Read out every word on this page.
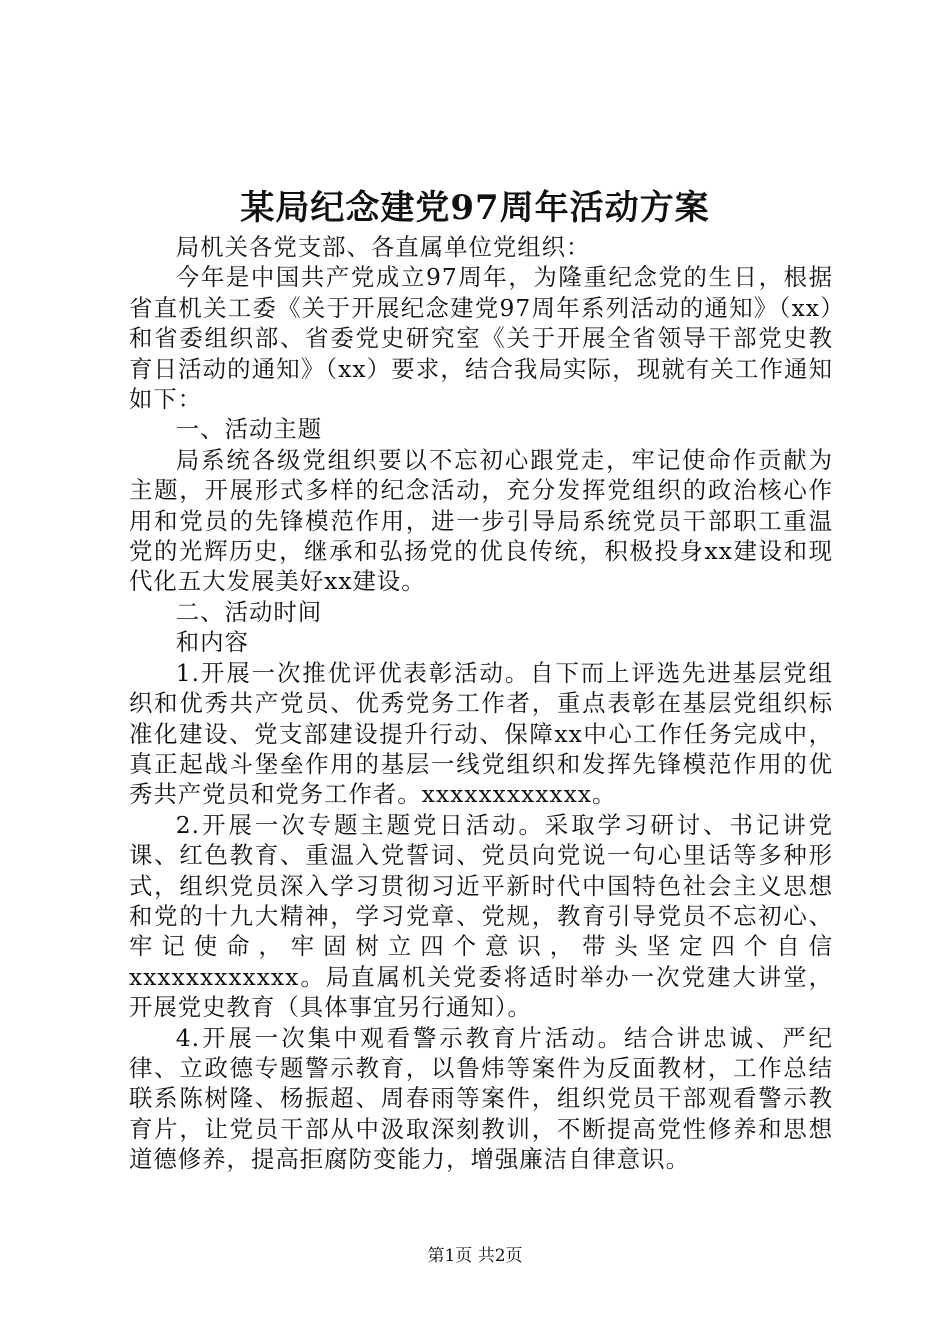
某局纪念建党97周年活动方案

局机关各党支部、各直属单位党组织：

今年是中国共产党成立97周年，为隆重纪念党的生日，根据省直机关工委《关于开展纪念建党97周年系列活动的通知》（xx）和省委组织部、省委党史研究室《关于开展全省领导干部党史教育日活动的通知》（xx）要求，结合我局实际，现就有关工作通知如下：

一、活动主题

局系统各级党组织要以不忘初心跟党走，牢记使命作贡献为主题，开展形式多样的纪念活动，充分发挥党组织的政治核心作用和党员的先锋模范作用，进一步引导局系统党员干部职工重温党的光辉历史，继承和弘扬党的优良传统，积极投身xx建设和现代化五大发展美好xx建设。

二、活动时间

和内容

1.开展一次推优评优表彰活动。自下而上评选先进基层党组织和优秀共产党员、优秀党务工作者，重点表彰在基层党组织标准化建设、党支部建设提升行动、保障xx中心工作任务完成中，真正起战斗堡垒作用的基层一线党组织和发挥先锋模范作用的优秀共产党员和党务工作者。xxxxxxxxxxxx。

2.开展一次专题主题党日活动。采取学习研讨、书记讲党课、红色教育、重温入党誓词、党员向党说一句心里话等多种形式，组织党员深入学习贯彻习近平新时代中国特色社会主义思想和党的十九大精神，学习党章、党规，教育引导党员不忘初心、牢记使命，牢固树立四个意识，带头坚定四个自信xxxxxxxxxxxx。局直属机关党委将适时举办一次党建大讲堂，开展党史教育（具体事宜另行通知）。

4.开展一次集中观看警示教育片活动。结合讲忠诚、严纪律、立政德专题警示教育，以鲁炜等案件为反面教材，工作总结联系陈树隆、杨振超、周春雨等案件，组织党员干部观看警示教育片，让党员干部从中汲取深刻教训，不断提高党性修养和思想道德修养，提高拒腐防变能力，增强廉洁自律意识。

第1页 共2页
